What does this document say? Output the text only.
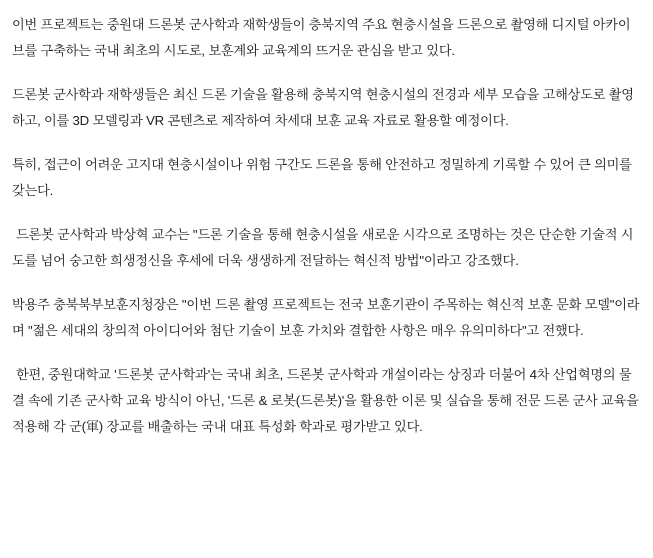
이번 프로젝트는 중원대 드론봇 군사학과 재학생들이 충북지역 주요 현충시설을 드론으로 촬영해 디지털 아카이브를 구축하는 국내 최초의 시도로, 보훈계와 교육계의 뜨거운 관심을 받고 있다.

드론봇 군사학과 재학생들은 최신 드론 기술을 활용해 충북지역 현충시설의 전경과 세부 모습을 고해상도로 촬영하고, 이를 3D 모델링과 VR 콘텐츠로 제작하여 차세대 보훈 교육 자료로 활용할 예정이다.

특히, 접근이 어려운 고지대 현충시설이나 위험 구간도 드론을 통해 안전하고 정밀하게 기록할 수 있어 큰 의미를 갖는다.

드론봇 군사학과 박상혁 교수는 "드론 기술을 통해 현충시설을 새로운 시각으로 조명하는 것은 단순한 기술적 시도를 넘어 숭고한 희생정신을 후세에 더욱 생생하게 전달하는 혁신적 방법"이라고 강조했다.

박용주 충북북부보훈지청장은 "이번 드론 촬영 프로젝트는 전국 보훈기관이 주목하는 혁신적 보훈 문화 모델"이라며 "젊은 세대의 창의적 아이디어와 첨단 기술이 보훈 가치와 결합한 사항은 매우 유의미하다"고 전했다.

한편, 중원대학교 '드론봇 군사학과'는 국내 최초, 드론봇 군사학과 개설이라는 상징과 더불어 4차 산업혁명의 물결 속에 기존 군사학 교육 방식이 아닌, '드론 & 로봇(드론봇)'을 활용한 이론 및 실습을 통해 전문 드론 군사 교육을 적용해 각 군(軍) 장교를 배출하는 국내 대표 특성화 학과로 평가받고 있다.
